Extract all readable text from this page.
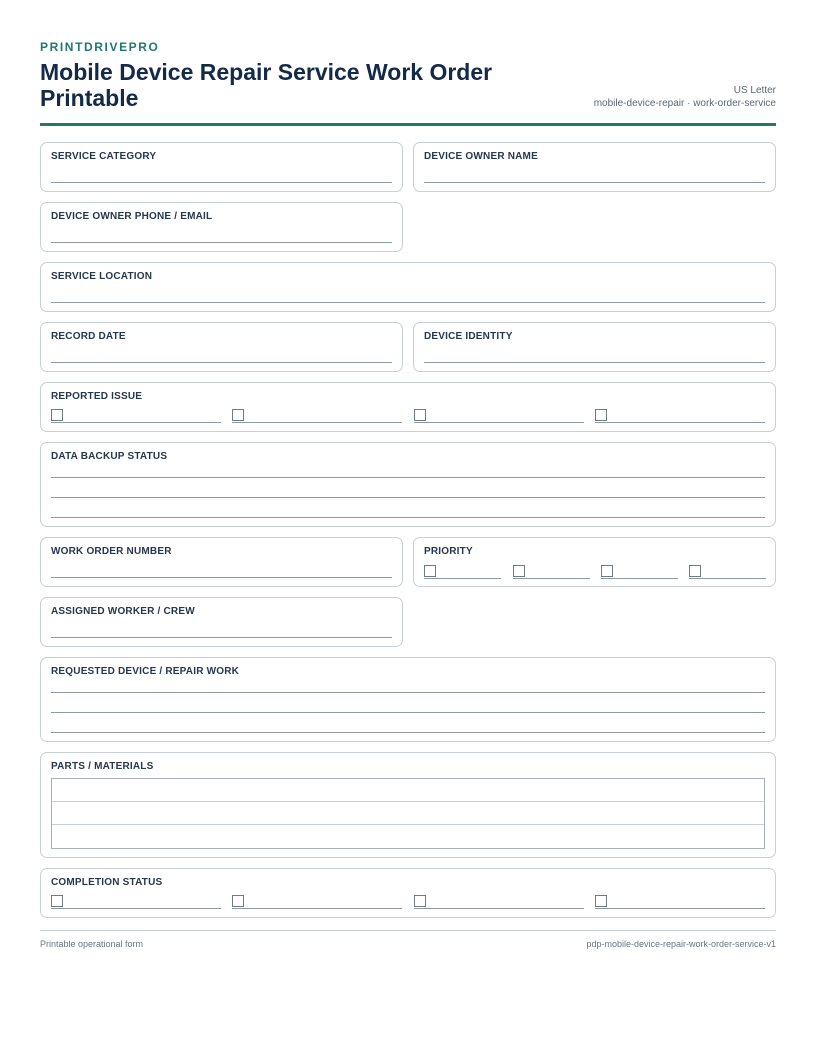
PRINTDRIVEPRO
Mobile Device Repair Service Work Order Printable	US Letter
mobile-device-repair · work-order-service
SERVICE CATEGORY	DEVICE OWNER NAME
DEVICE OWNER PHONE / EMAIL
SERVICE LOCATION
RECORD DATE	DEVICE IDENTITY
REPORTED ISSUE
DATA BACKUP STATUS
WORK ORDER NUMBER	PRIORITY
ASSIGNED WORKER / CREW
REQUESTED DEVICE / REPAIR WORK
PARTS / MATERIALS
COMPLETION STATUS
Printable operational form	pdp-mobile-device-repair-work-order-service-v1
